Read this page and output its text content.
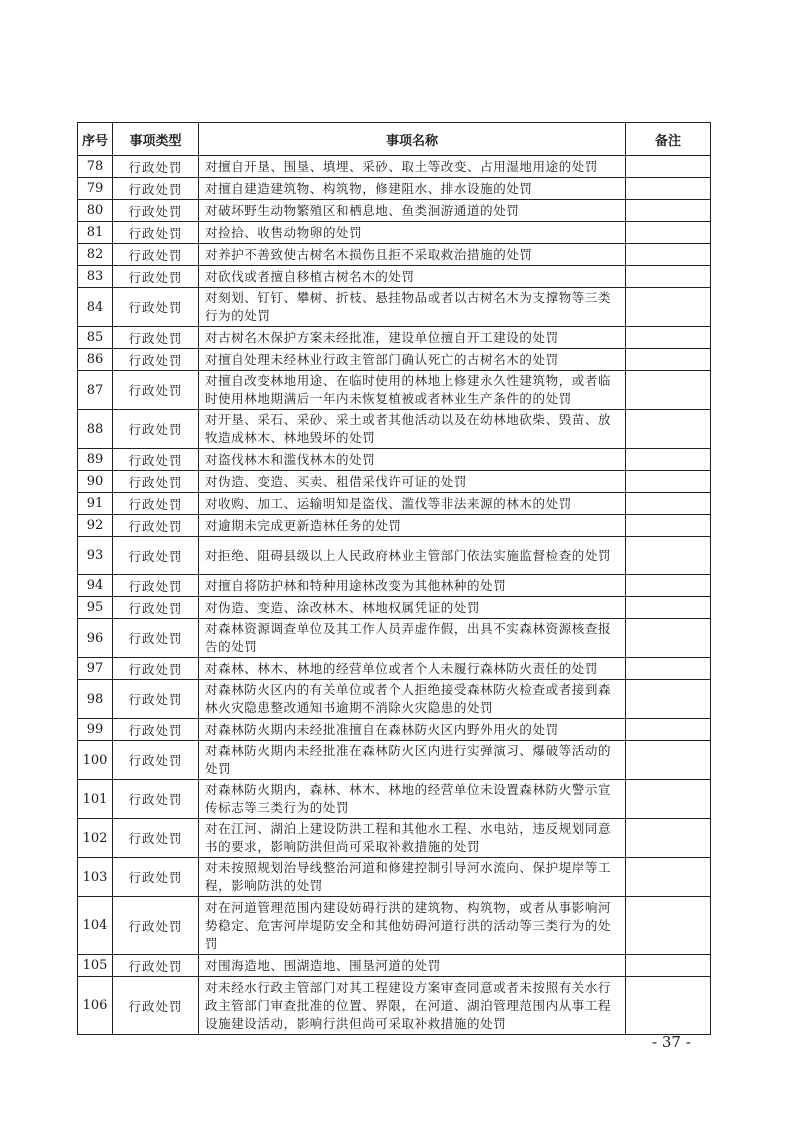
序号	事项类型	事项名称	备注
78	行政处罚	对擅自开垦、围垦、填埋、采砂、取土等改变、占用湿地用途的处罚	
79	行政处罚	对擅自建造建筑物、构筑物，修建阻水、排水设施的处罚	
80	行政处罚	对破坏野生动物繁殖区和栖息地、鱼类洄游通道的处罚	
81	行政处罚	对捡拾、收售动物卵的处罚	
82	行政处罚	对养护不善致使古树名木损伤且拒不采取救治措施的处罚	
83	行政处罚	对砍伐或者擅自移植古树名木的处罚	
84	行政处罚	对刻划、钉钉、攀树、折枝、悬挂物品或者以古树名木为支撑物等三类行为的处罚	
85	行政处罚	对古树名木保护方案未经批准，建设单位擅自开工建设的处罚	
86	行政处罚	对擅自处理未经林业行政主管部门确认死亡的古树名木的处罚	
87	行政处罚	对擅自改变林地用途、在临时使用的林地上修建永久性建筑物，或者临时使用林地期满后一年内未恢复植被或者林业生产条件的的处罚	
88	行政处罚	对开垦、采石、采砂、采土或者其他活动以及在幼林地砍柴、毁苗、放牧造成林木、林地毁坏的处罚	
89	行政处罚	对盗伐林木和滥伐林木的处罚	
90	行政处罚	对伪造、变造、买卖、租借采伐许可证的处罚	
91	行政处罚	对收购、加工、运输明知是盗伐、滥伐等非法来源的林木的处罚	
92	行政处罚	对逾期未完成更新造林任务的处罚	
93	行政处罚	对拒绝、阻碍县级以上人民政府林业主管部门依法实施监督检查的处罚	
94	行政处罚	对擅自将防护林和特种用途林改变为其他林种的处罚	
95	行政处罚	对伪造、变造、涂改林木、林地权属凭证的处罚	
96	行政处罚	对森林资源调查单位及其工作人员弄虚作假，出具不实森林资源核查报告的处罚	
97	行政处罚	对森林、林木、林地的经营单位或者个人未履行森林防火责任的处罚	
98	行政处罚	对森林防火区内的有关单位或者个人拒绝接受森林防火检查或者接到森林火灾隐患整改通知书逾期不消除火灾隐患的处罚	
99	行政处罚	对森林防火期内未经批准擅自在森林防火区内野外用火的处罚	
100	行政处罚	对森林防火期内未经批准在森林防火区内进行实弹演习、爆破等活动的处罚	
101	行政处罚	对森林防火期内，森林、林木、林地的经营单位未设置森林防火警示宣传标志等三类行为的处罚	
102	行政处罚	对在江河、湖泊上建设防洪工程和其他水工程、水电站，违反规划同意书的要求，影响防洪但尚可采取补救措施的处罚	
103	行政处罚	对未按照规划治导线整治河道和修建控制引导河水流向、保护堤岸等工程，影响防洪的处罚	
104	行政处罚	对在河道管理范围内建设妨碍行洪的建筑物、构筑物，或者从事影响河势稳定、危害河岸堤防安全和其他妨碍河道行洪的活动等三类行为的处罚	
105	行政处罚	对围海造地、围湖造地、围垦河道的处罚	
106	行政处罚	对未经水行政主管部门对其工程建设方案审查同意或者未按照有关水行政主管部门审查批准的位置、界限，在河道、湖泊管理范围内从事工程设施建设活动，影响行洪但尚可采取补救措施的处罚	
- 37 -
